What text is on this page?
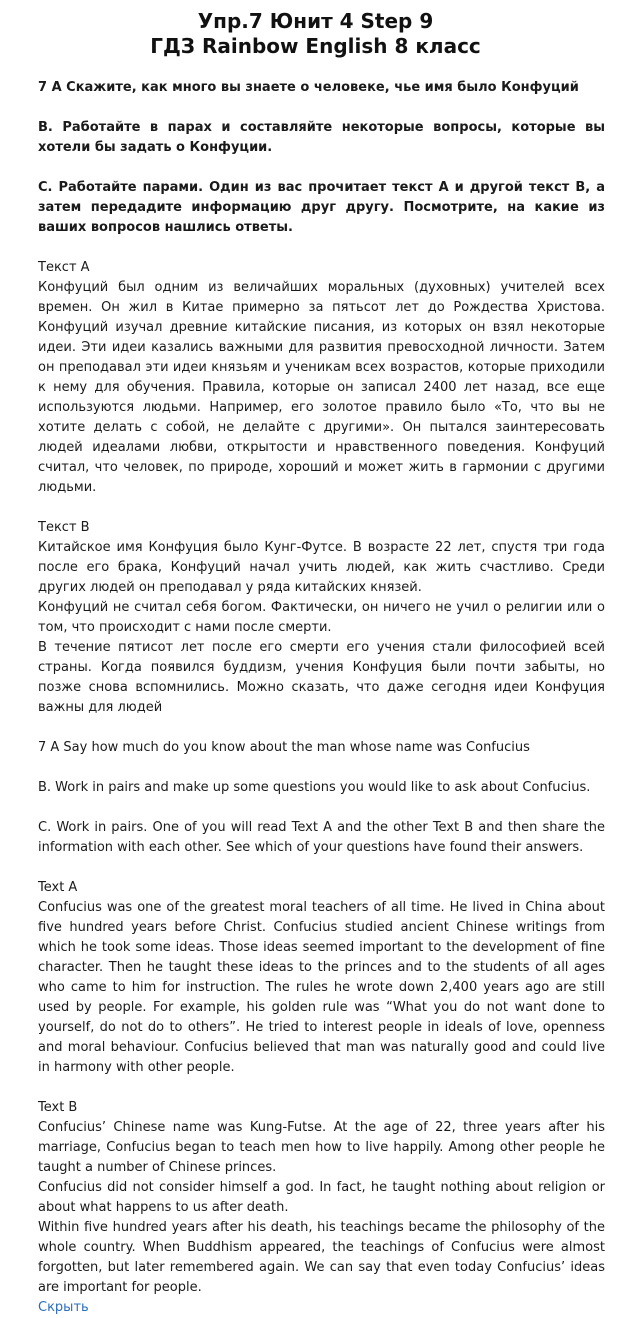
Упр.7 Юнит 4 Step 9
ГДЗ Rainbow English 8 класс

7 А Скажите, как много вы знаете о человеке, чье имя было Конфуций

В. Работайте в парах и составляйте некоторые вопросы, которые вы хотели бы задать о Конфуции.

С. Работайте парами. Один из вас прочитает текст А и другой текст В, а затем передадите информацию друг другу. Посмотрите, на какие из ваших вопросов нашлись ответы.

Текст А

Конфуций был одним из величайших моральных (духовных) учителей всех времен. Он жил в Китае примерно за пятьсот лет до Рождества Христова. Конфуций изучал древние китайские писания, из которых он взял некоторые идеи. Эти идеи казались важными для развития превосходной личности. Затем он преподавал эти идеи князьям и ученикам всех возрастов, которые приходили к нему для обучения. Правила, которые он записал 2400 лет назад, все еще используются людьми. Например, его золотое правило было «То, что вы не хотите делать с собой, не делайте с другими». Он пытался заинтересовать людей идеалами любви, открытости и нравственного поведения. Конфуций считал, что человек, по природе, хороший и может жить в гармонии с другими людьми.

Текст В

Китайское имя Конфуция было Кунг-Футсе. В возрасте 22 лет, спустя три года после его брака, Конфуций начал учить людей, как жить счастливо. Среди других людей он преподавал у ряда китайских князей.

Конфуций не считал себя богом. Фактически, он ничего не учил о религии или о том, что происходит с нами после смерти.

В течение пятисот лет после его смерти его учения стали философией всей страны. Когда появился буддизм, учения Конфуция были почти забыты, но позже снова вспомнились. Можно сказать, что даже сегодня идеи Конфуция важны для людей

7 A Say how much do you know about the man whose name was Confucius

B. Work in pairs and make up some questions you would like to ask about Confucius.

C. Work in pairs. One of you will read Text A and the other Text B and then share the information with each other. See which of your questions have found their answers.

Text A

Confucius was one of the greatest moral teachers of all time. He lived in China about five hundred years before Christ. Confucius studied ancient Chinese writings from which he took some ideas. Those ideas seemed important to the development of fine character. Then he taught these ideas to the princes and to the students of all ages who came to him for instruction. The rules he wrote down 2,400 years ago are still used by people. For example, his golden rule was “What you do not want done to yourself, do not do to others”. He tried to interest people in ideals of love, openness and moral behaviour. Confucius believed that man was naturally good and could live in harmony with other people.

Text B

Confucius’ Chinese name was Kung-Futse. At the age of 22, three years after his marriage, Confucius began to teach men how to live happily. Among other people he taught a number of Chinese princes.

Confucius did not consider himself a god. In fact, he taught nothing about religion or about what happens to us after death.

Within five hundred years after his death, his teachings became the philosophy of the whole country. When Buddhism appeared, the teachings of Confucius were almost forgotten, but later remembered again. We can say that even today Confucius’ ideas are important for people.

Скрыть
